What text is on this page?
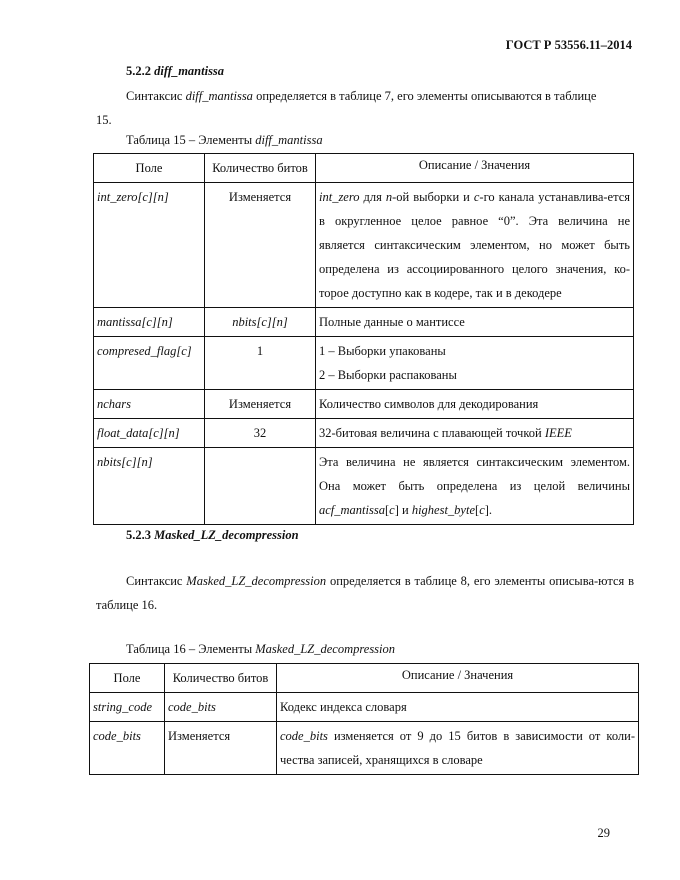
ГОСТ Р 53556.11–2014
5.2.2 diff_mantissa
Синтаксис diff_mantissa определяется в таблице 7, его элементы описываются в таблице
15.
Таблица 15 – Элементы diff_mantissa
Поле	Количество битов	Описание / Значения
int_zero[c][n]	Изменяется	int_zero для n-ой выборки и c-го канала устанавлива-ется в округленное целое равное “0”. Эта величина не является синтаксическим элементом, но может быть определена из ассоциированного целого значения, ко-торое доступно как в кодере, так и в декодере
mantissa[c][n]	nbits[c][n]	Полные данные о мантиссе
compresed_flag[c]	1	1 – Выборки упакованы
2 – Выборки распакованы

nchars	Изменяется	Количество символов для декодирования
float_data[c][n]	32	32-битовая величина с плавающей точкой IEEE
nbits[c][n]		Эта величина не является синтаксическим элементом. Она может быть определена из целой величины acf_mantissa[c] и highest_byte[c].
5.2.3 Masked_LZ_decompression
Синтаксис Masked_LZ_decompression определяется в таблице 8, его элементы описыва-ются в таблице 16.
Таблица 16 – Элементы Masked_LZ_decompression
Поле	Количество битов	Описание / Значения
string_code	code_bits	Кодекс индекса словаря
code_bits	Изменяется	code_bits изменяется от 9 до 15 битов в зависимости от коли-чества записей, хранящихся в словаре
29
